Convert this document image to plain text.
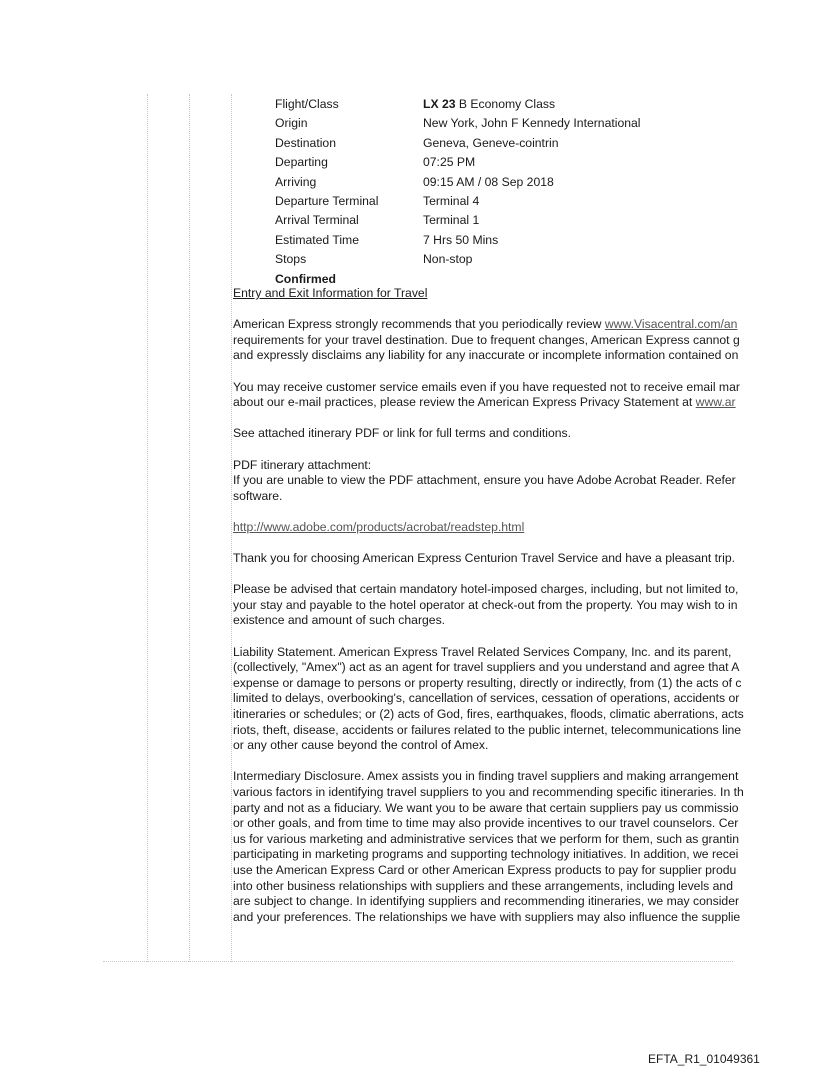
Flight/Class	LX 23 B Economy Class
Origin	New York, John F Kennedy International
Destination	Geneva, Geneve-cointrin
Departing	07:25 PM
Arriving	09:15 AM / 08 Sep 2018
Departure Terminal	Terminal 4
Arrival Terminal	Terminal 1
Estimated Time	7 Hrs 50 Mins
Stops	Non-stop
Confirmed

Entry and Exit Information for Travel

American Express strongly recommends that you periodically review www.Visacentral.com/an

requirements for your travel destination. Due to frequent changes, American Express cannot g

and expressly disclaims any liability for any inaccurate or incomplete information contained on

You may receive customer service emails even if you have requested not to receive email mar

about our e-mail practices, please review the American Express Privacy Statement at www.ar

See attached itinerary PDF or link for full terms and conditions.

PDF itinerary attachment:

If you are unable to view the PDF attachment, ensure you have Adobe Acrobat Reader. Refer

software.

http://www.adobe.com/products/acrobat/readstep.html

Thank you for choosing American Express Centurion Travel Service and have a pleasant trip.

Please be advised that certain mandatory hotel-imposed charges, including, but not limited to,

your stay and payable to the hotel operator at check-out from the property. You may wish to in

existence and amount of such charges.

Liability Statement. American Express Travel Related Services Company, Inc. and its parent,

(collectively, "Amex") act as an agent for travel suppliers and you understand and agree that A

expense or damage to persons or property resulting, directly or indirectly, from (1) the acts of c

limited to delays, overbooking's, cancellation of services, cessation of operations, accidents or

itineraries or schedules; or (2) acts of God, fires, earthquakes, floods, climatic aberrations, acts

riots, theft, disease, accidents or failures related to the public internet, telecommunications line

or any other cause beyond the control of Amex.

Intermediary Disclosure. Amex assists you in finding travel suppliers and making arrangement

various factors in identifying travel suppliers to you and recommending specific itineraries. In th

party and not as a fiduciary. We want you to be aware that certain suppliers pay us commissio

or other goals, and from time to time may also provide incentives to our travel counselors. Cer

us for various marketing and administrative services that we perform for them, such as grantin

participating in marketing programs and supporting technology initiatives. In addition, we recei

use the American Express Card or other American Express products to pay for supplier produ

into other business relationships with suppliers and these arrangements, including levels and

are subject to change. In identifying suppliers and recommending itineraries, we may consider

and your preferences. The relationships we have with suppliers may also influence the supplie

EFTA_R1_01049361
